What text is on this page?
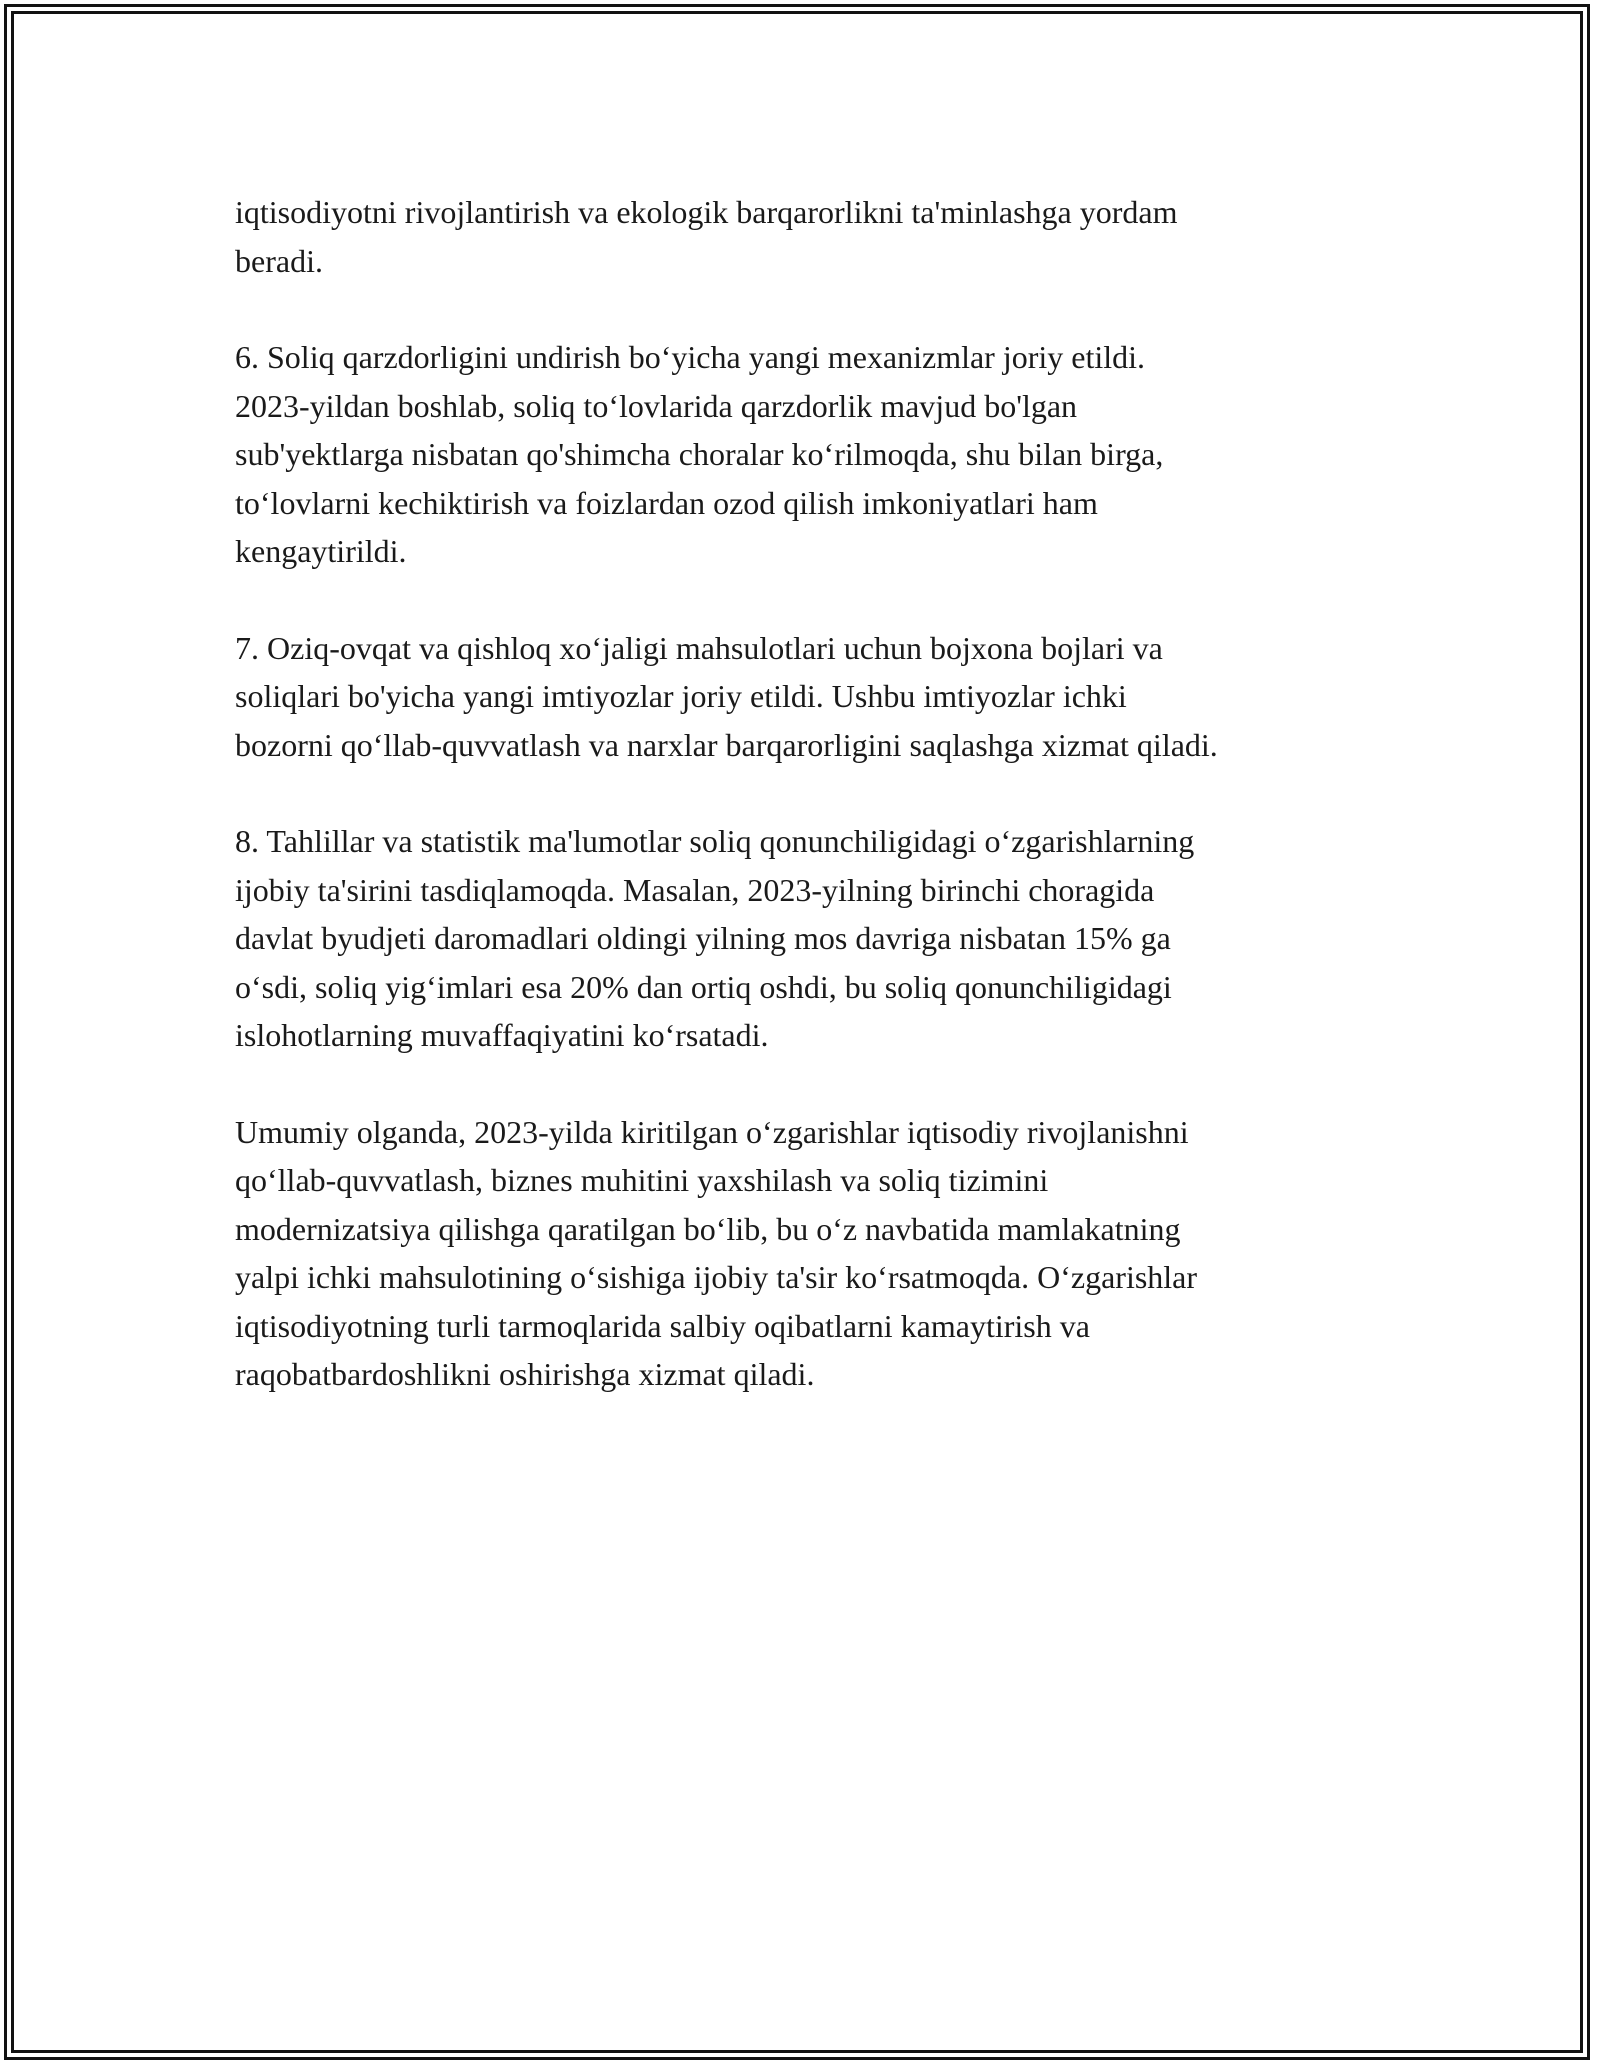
iqtisodiyotni rivojlantirish va ekologik barqarorlikni ta'minlashga yordam
beradi.

6. Soliq qarzdorligini undirish bo‘yicha yangi mexanizmlar joriy etildi.
2023-yildan boshlab, soliq to‘lovlarida qarzdorlik mavjud bo'lgan
sub'yektlarga nisbatan qo'shimcha choralar ko‘rilmoqda, shu bilan birga,
to‘lovlarni kechiktirish va foizlardan ozod qilish imkoniyatlari ham
kengaytirildi.

7. Oziq-ovqat va qishloq xo‘jaligi mahsulotlari uchun bojxona bojlari va
soliqlari bo'yicha yangi imtiyozlar joriy etildi. Ushbu imtiyozlar ichki
bozorni qo‘llab-quvvatlash va narxlar barqarorligini saqlashga xizmat qiladi.

8. Tahlillar va statistik ma'lumotlar soliq qonunchiligidagi o‘zgarishlarning
ijobiy ta'sirini tasdiqlamoqda. Masalan, 2023-yilning birinchi choragida
davlat byudjeti daromadlari oldingi yilning mos davriga nisbatan 15% ga
o‘sdi, soliq yig‘imlari esa 20% dan ortiq oshdi, bu soliq qonunchiligidagi
islohotlarning muvaffaqiyatini ko‘rsatadi.

Umumiy olganda, 2023-yilda kiritilgan o‘zgarishlar iqtisodiy rivojlanishni
qo‘llab-quvvatlash, biznes muhitini yaxshilash va soliq tizimini
modernizatsiya qilishga qaratilgan bo‘lib, bu o‘z navbatida mamlakatning
yalpi ichki mahsulotining o‘sishiga ijobiy ta'sir ko‘rsatmoqda. O‘zgarishlar
iqtisodiyotning turli tarmoqlarida salbiy oqibatlarni kamaytirish va
raqobatbardoshlikni oshirishga xizmat qiladi.
